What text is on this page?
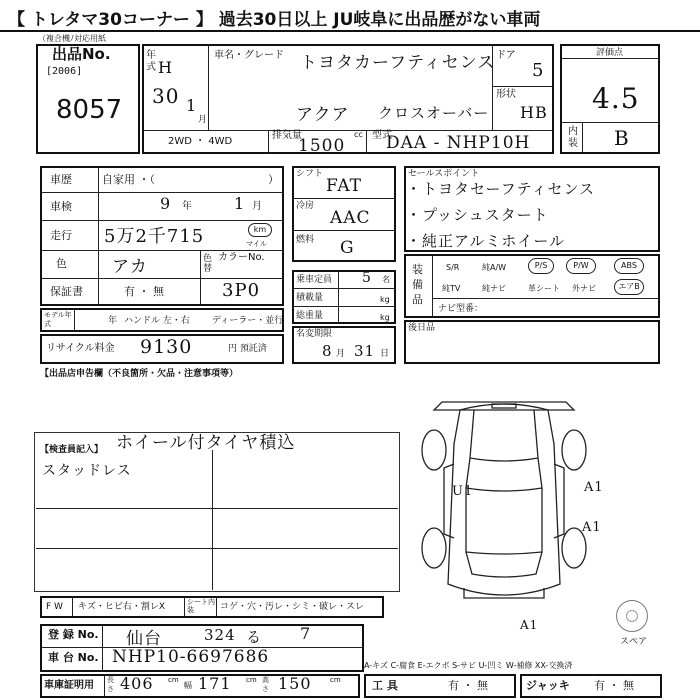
【 トレタマ30コーナー 】 過去30日以上 JU岐阜に出品歴がない車両
（複合機ﾉ対応用紙
出品No.
[2006]
8057
年式 H
30 1
月
車名・グレード トヨタカーフティセンス
アクア クロスオーバー
ドア
5
形状
HB
2WD ・ 4WD
排気量
1500
cc 型式
DAA - NHP10H
評価点
4.5
内装 B
車歴	自家用 ・（	）
車検	9 年	1 月
走行 5万2千715	km
マイル
色	アカ	色替
カラーNo.
3P0
保証書	有 ・ 無
モデル年式	年 ハンドル 左・右 ディーラー・並行
リサイクル料金 9130	円 預託済
シフト
FAT
冷房
AAC
燃料 G
乗車定員 5 名
積載量	kg
総重量	kg
名変期限
8 月 31 日
セールスポイント
・トヨタセーフティセンス
・プッシュスタート
・純正アルミホイール
装備品
S/R	純A/W	P/S	P/W	ABS
純TV	純ナビ	革シート 外ナビ	エアB
ナビ型番：
後日品
【出品店申告欄（不良箇所・欠品・注意事項等）
【検査員記入】 ホイール付タイヤ積込
スタッドレス
U1	A1
A1
A1
スペア
F W キズ・ヒビ右・割レX	シート内装	コゲ・穴・汚レ・シミ・破レ・スレ
登 録 No. 仙台	324 る 7
車 台 No. NHP10-6697686	A-キズ C-腐食 E-エクボ S-サビ U-凹ミ W-補修 XX-交換済
車庫証明用 長さ 406 cm
幅 171 cm 高さ 150	cm	工 具	有 ・ 無	ジャッキ 有 ・ 無
